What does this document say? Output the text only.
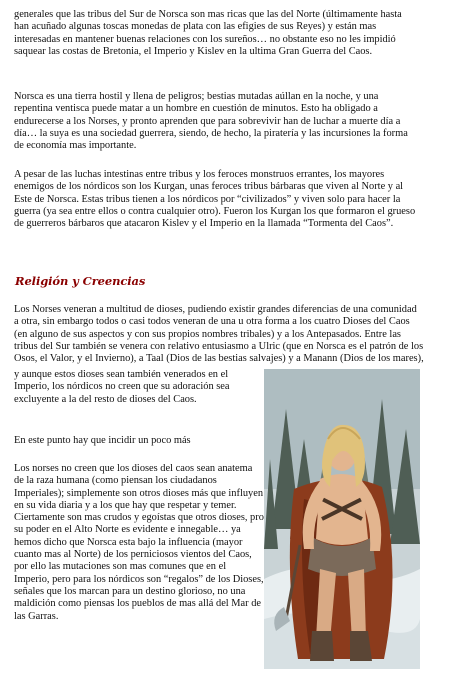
generales que las tribus del Sur de Norsca son mas ricas que las del Norte (últimamente hasta han acuñado algunas toscas monedas de plata con las efigies de sus Reyes) y están mas interesadas en mantener buenas relaciones con los sureños… no obstante eso no les impidió saquear las costas de Bretonia, el Imperio y Kislev en la ultima Gran Guerra del Caos.

Norsca es una tierra hostil y llena de peligros; bestias mutadas aúllan en la noche, y una repentina ventisca puede matar a un hombre en cuestión de minutos. Esto ha obligado a endurecerse a los Norses, y pronto aprenden que para sobrevivir han de luchar a muerte día a día… la suya es una sociedad guerrera, siendo, de hecho, la piratería y las incursiones la forma de economía mas importante.

A pesar de las luchas intestinas entre tribus y los feroces monstruos errantes, los mayores enemigos de los nórdicos son los Kurgan, unas feroces tribus bárbaras que viven al Norte y al Este de Norsca. Estas tribus tienen a los nórdicos por “civilizados” y viven solo para hacer la guerra (ya sea entre ellos o contra cualquier otro). Fueron los Kurgan los que formaron el grueso de guerreros bárbaros que atacaron Kislev y el Imperio en la llamada “Tormenta del Caos”.

Religión y Creencias

Los Norses veneran a multitud de dioses, pudiendo existir grandes diferencias de una comunidad a otra, sin embargo todos o casi todos veneran de una u otra forma a los cuatro Dioses del Caos (en alguno de sus aspectos y con sus propios nombres tribales) y a los Antepasados. Entre las tribus del Sur también se venera con relativo entusiasmo a Ulric (que en Norsca es el patrón de los Osos, el Valor, y el Invierno), a Taal (Dios de las bestias salvajes) y a Manann (Dios de los mares),

y aunque estos dioses sean también venerados en el Imperio, los nórdicos no creen que su adoración sea excluyente a la del resto de dioses del Caos.

En este punto hay que incidir un poco más

Los norses no creen que los dioses del caos sean anatema de la raza humana (como piensan los ciudadanos Imperiales); simplemente son otros dioses más que influyen en su vida diaria y a los que hay que respetar y temer. Ciertamente son mas crudos y egoístas que otros dioses, pro su poder en el Alto Norte es evidente e innegable… ya hemos dicho que Norsca esta bajo la influencia (mayor cuanto mas al Norte) de los perniciosos vientos del Caos, por ello las mutaciones son mas comunes que en el Imperio, pero para los nórdicos son “regalos” de los Dioses, señales que los marcan para un destino glorioso, no una maldición como piensas los pueblos de mas allá del Mar de las Garras.
